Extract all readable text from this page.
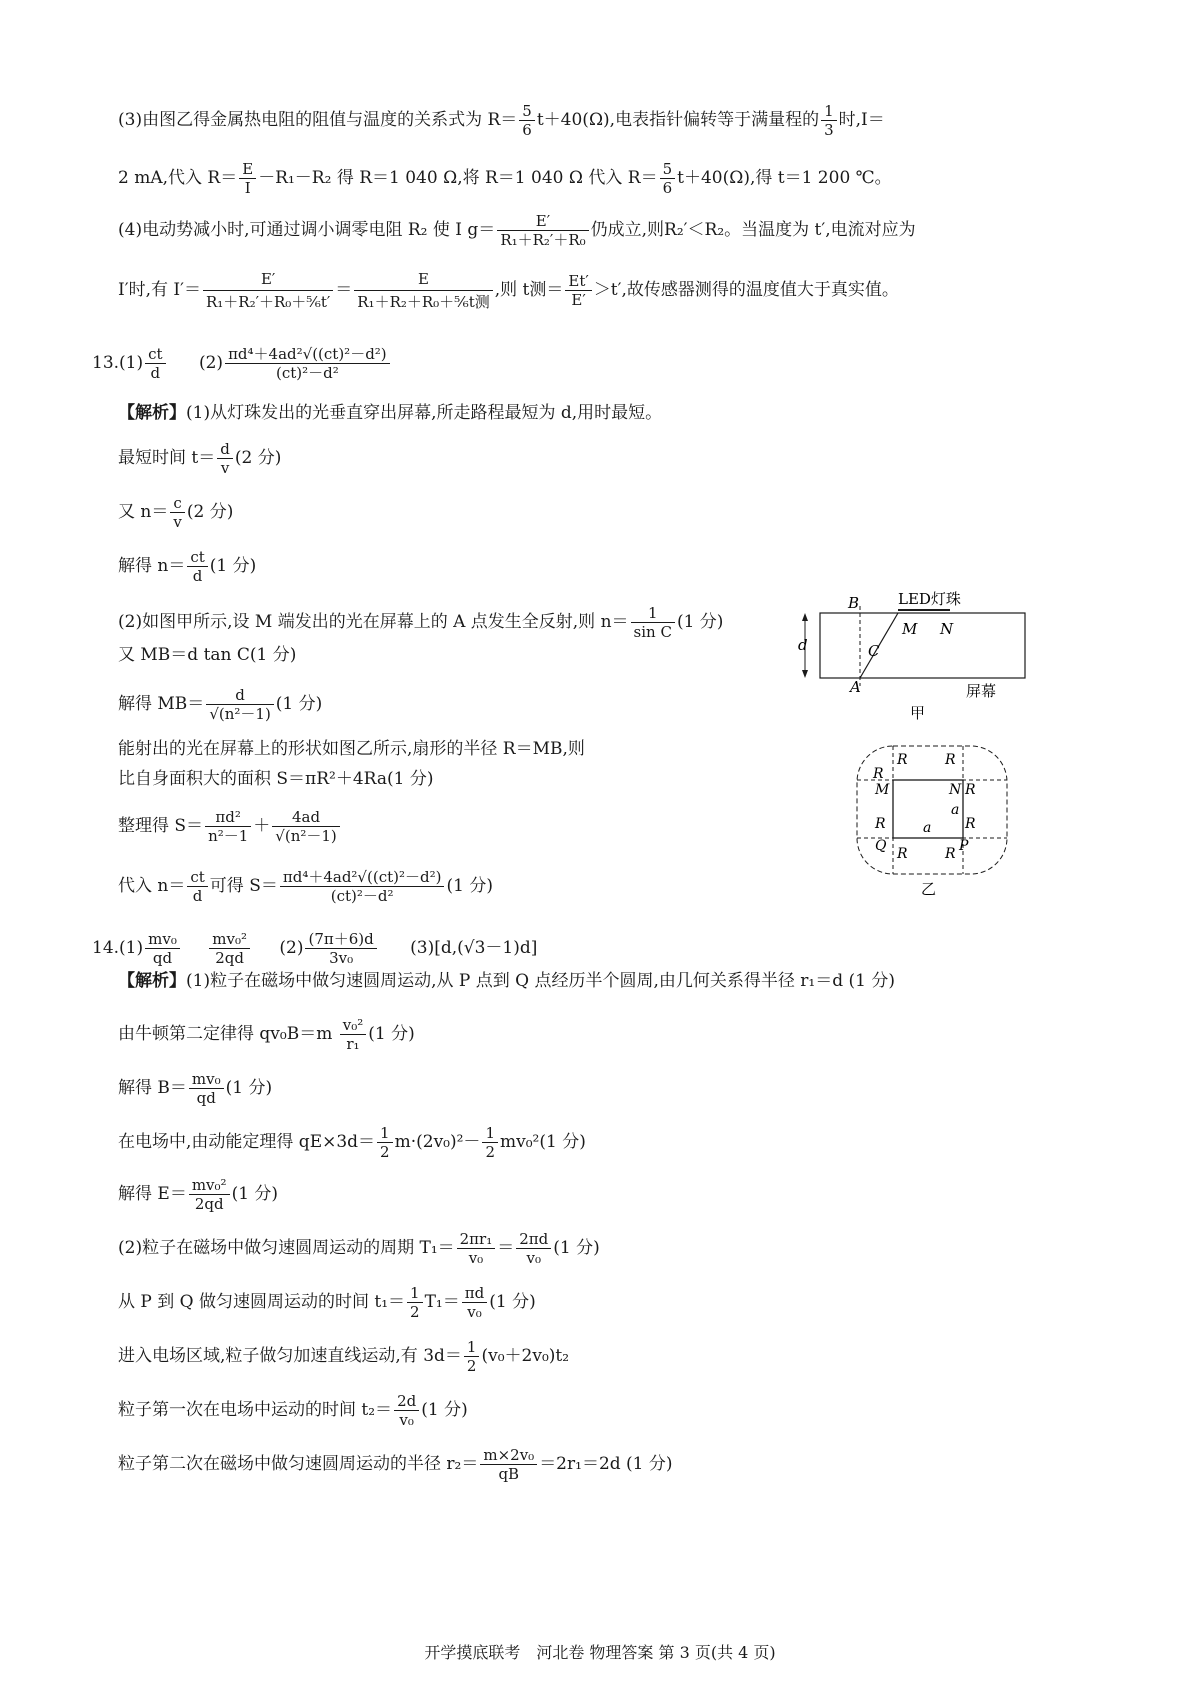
(3)由图乙得金属热电阻的阻值与温度的关系式为 $R= \frac{5}{6} t+40(\Omega)$,电表指针偏转等于满量程的 $\frac{1}{3}$ 时,I＝
2 mA,代入 $R= \frac{E}{I} -R_1-R_2$ 得 R＝1 040 Ω,将 R＝1 040 Ω 代入 $R= \frac{5}{6} t+40(\Omega)$,得 t＝1 200 ℃。
(4)电动势减小时,可通过调小调零电阻 R₂ 使 I $g= \frac{E'}{\text{R₁＋R₂′＋R₀}}$ 仍成立,则R₂′＜R₂。当温度为 t′,电流对应为
I′时,有 $I'= \frac{E'}{\text{R₁＋R₂′＋R₀＋⁵⁄₆t′}}$ ＝
E
R₁＋R₂＋R₀＋⁵⁄₆t测
,则 t测＝ $\frac{Et'}{E'} >t'$,故传感器测得的温度值大于真实值。
$13.(1) \frac{ct}{d} (2) \frac{\text{πd⁴＋4ad²√((ct)²－d²)}}{\text{(ct)²－d²}}$
【解析】(1)从灯珠发出的光垂直穿出屏幕,所走路程最短为 d,用时最短。
最短时间 $t= \frac{d}{v} (2$ 分)
又 $n= \frac{c}{v} (2$ 分)
解得 $n= \frac{ct}{d} (1$ 分)
(2)如图甲所示,设 M 端发出的光在屏幕上的 A 点发生全反射,则 $n= \frac{1}{\text{sin C}} (1$ 分)
又 MB＝d tan C(1 分)
解得 $MB= \frac{d}{\text{√(n²－1)}} (1$ 分)
能射出的光在屏幕上的形状如图乙所示,扇形的半径 R＝MB,则
比自身面积大的面积 S＝πR²＋4Ra(1 分)
整理得 $S= \frac{\text{πd²}}{\text{n²－1}} + \frac{4ad}{\text{√(n²－1)}}$
代入 $n= \frac{ct}{d}$ 可得 $S= \frac{\text{πd⁴＋4ad²√((ct)²－d²)}}{\text{(ct)²－d²}} (1$ 分)
d
B	LED灯珠
M N
C
A	屏幕
甲
R	R
R
R
R	R
R	R
M	N
a
a
Q	P
乙
$14.(1) \frac{\text{mv₀}}{qd}$
$\frac{\text{mv₀²}}{2qd} (2) \frac{(7\pi+6)d}{\text{3v₀}} (3)[d,(√3-1)d]$
【解析】(1)粒子在磁场中做匀速圆周运动,从 P 点到 Q 点经历半个圆周,由几何关系得半径 r₁＝d (1 分)
由牛顿第二定律得 $qv_0B=m \frac{\text{v₀²}}{\text{r₁}} (1$ 分)
解得 $B= \frac{\text{mv₀}}{qd} (1$ 分)
在电场中,由动能定理得 $qE\times 3d= \frac{1}{2} m\cdot(2v_0)^2- \frac{1}{2} mv_0^2(1$ 分)
解得 $E= \frac{\text{mv₀²}}{2qd} (1$ 分)
(2)粒子在磁场中做匀速圆周运动的周期 $T_1= \frac{\text{2πr₁}}{\text{v₀}} = \frac{2\pi d}{\text{v₀}} (1$ 分)
从 P 到 Q 做匀速圆周运动的时间 $t_1= \frac{1}{2} T_1= \frac{\pi d}{\text{v₀}} (1$ 分)
进入电场区域,粒子做匀加速直线运动,有 $3d= \frac{1}{2} (v_0+2v_0)t_2$
粒子第一次在电场中运动的时间 $t_2= \frac{2d}{\text{v₀}} (1$ 分)
粒子第二次在磁场中做匀速圆周运动的半径 $r_2= \frac{\text{m×2v₀}}{qB} =2r_1=2d$ (1 分)
开学摸底联考　河北卷 物理答案 第 3 页(共 4 页)
